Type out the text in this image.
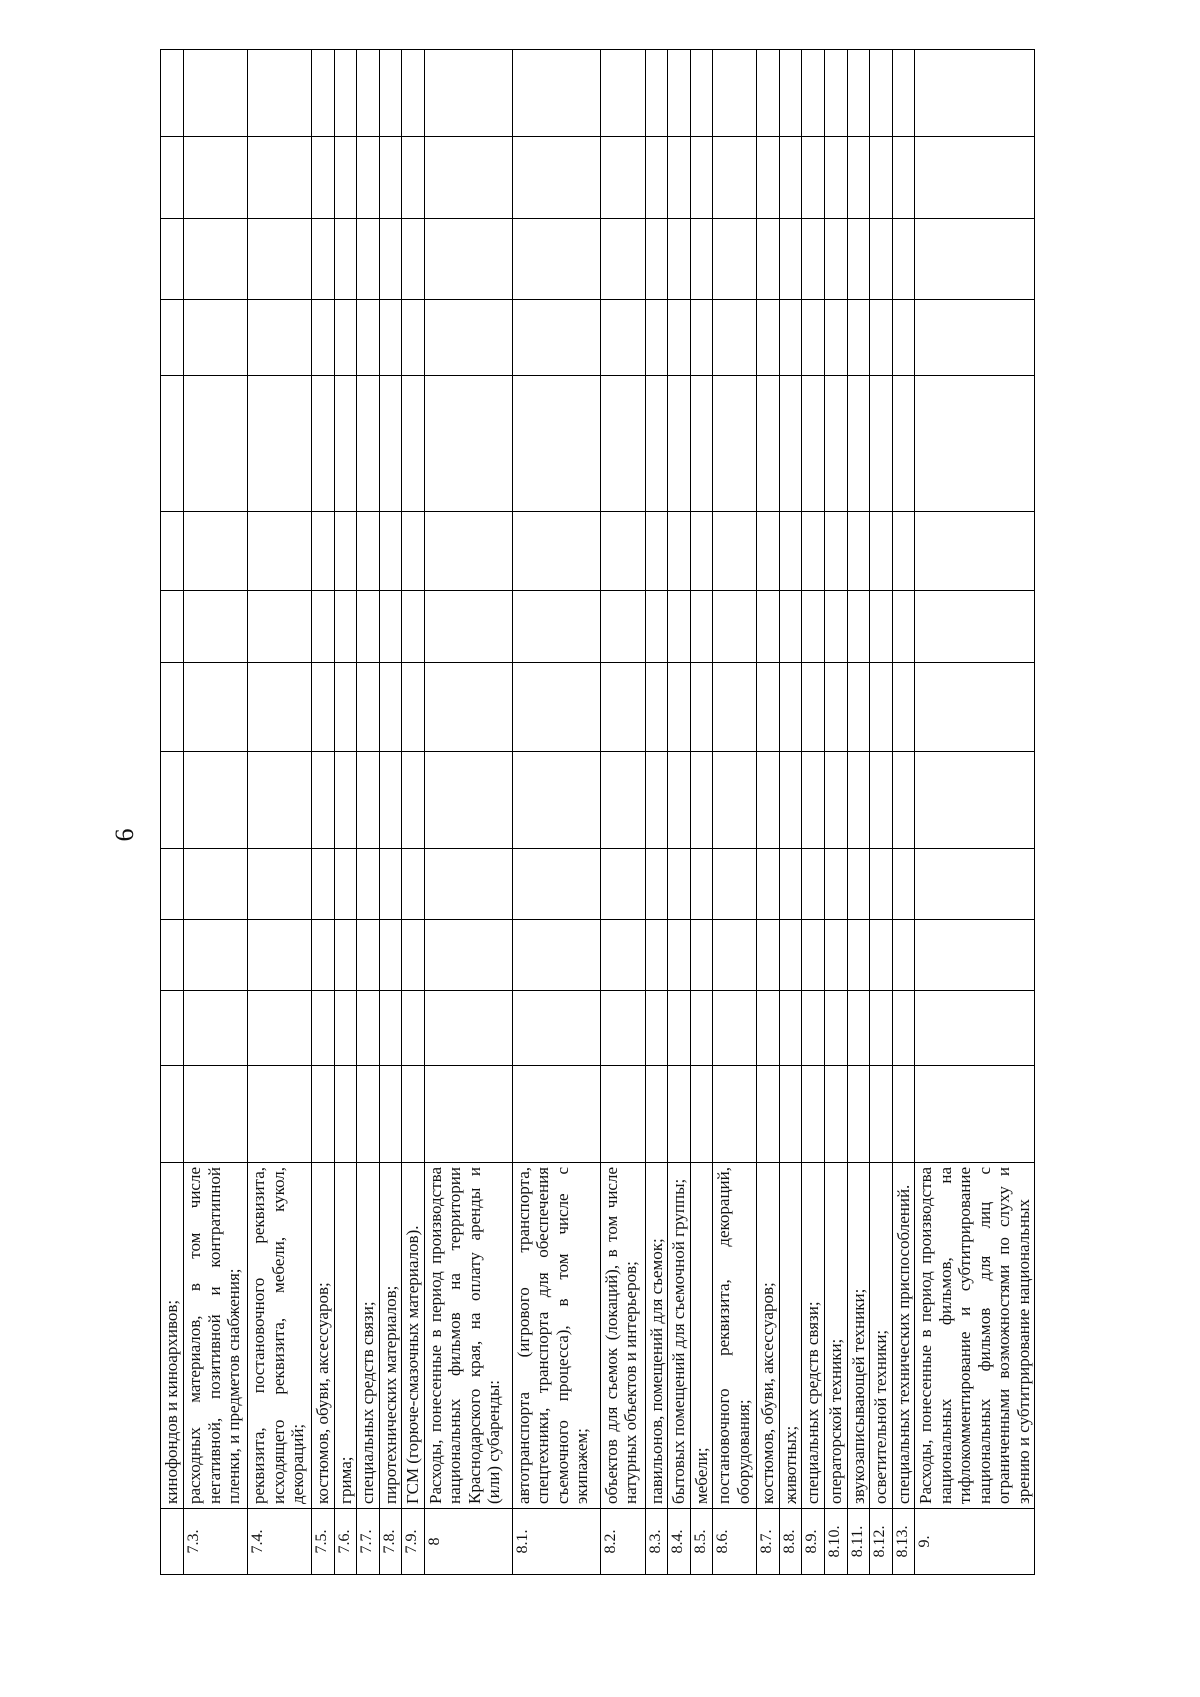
6
	кинофондов и киноархивов;													
7.3.	расходных материалов, в том числе негативной, позитивной и контратипной пленки, и предметов снабжения;													
7.4.	реквизита, постановочного реквизита, исходящего реквизита, мебели, кукол, декораций;													
7.5.	костюмов, обуви, аксессуаров;													
7.6.	грима;													
7.7.	специальных средств связи;													
7.8.	пиротехнических материалов;													
7.9.	ГСМ (горюче-смазочных материалов).													
8	Расходы, понесенные в период производства национальных фильмов на территории Краснодарского края, на оплату аренды и (или) субаренды:													
8.1.	автотранспорта (игрового транспорта, спецтехники, транспорта для обеспечения съемочного процесса), в том числе с экипажем;													
8.2.	объектов для съемок (локаций), в том числе натурных объектов и интерьеров;													
8.3.	павильонов, помещений для съемок;													
8.4.	бытовых помещений для съемочной группы;													
8.5.	мебели;													
8.6.	постановочного реквизита, декораций, оборудования;													
8.7.	костюмов, обуви, аксессуаров;													
8.8.	животных;													
8.9.	специальных средств связи;													
8.10.	операторской техники;													
8.11.	звукозаписывающей техники;													
8.12.	осветительной техники;													
8.13.	специальных технических приспособлений.													
9.	Расходы, понесенные в период производства национальных фильмов, на тифлокомментирование и субтитрирование национальных фильмов для лиц с ограниченными возможностями по слуху и зрению и субтитрирование национальных													
